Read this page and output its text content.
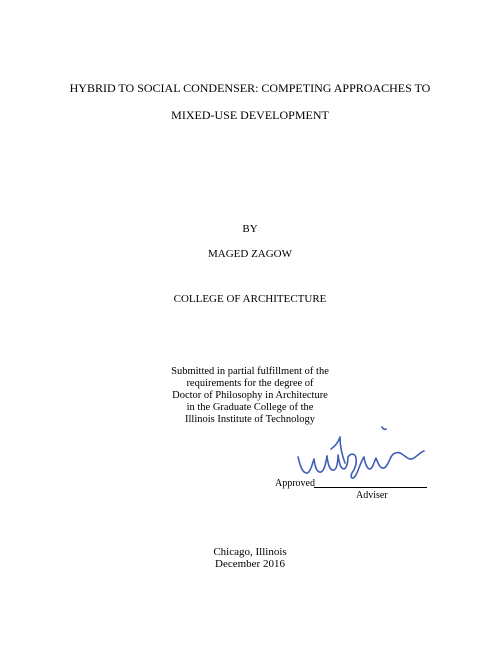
HYBRID TO SOCIAL CONDENSER: COMPETING APPROACHES TO
MIXED-USE DEVELOPMENT
BY
MAGED ZAGOW
COLLEGE OF ARCHITECTURE
Submitted in partial fulfillment of the
requirements for the degree of
Doctor of Philosophy in Architecture
in the Graduate College of the
Illinois Institute of Technology
Approved
Adviser
Chicago, Illinois
December 2016
